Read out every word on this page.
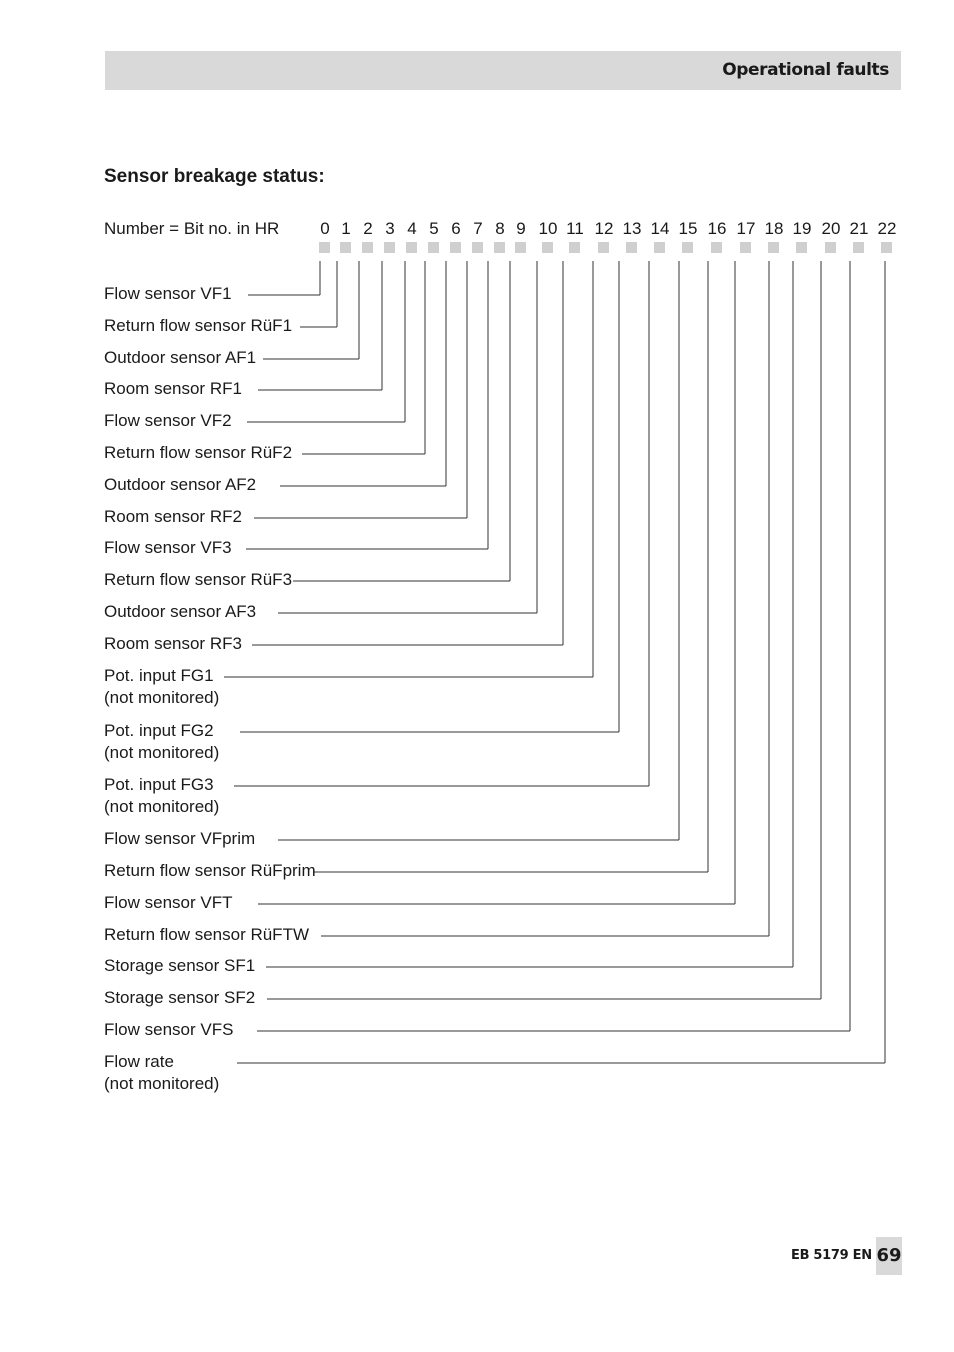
Operational faults
Sensor breakage status:
Number = Bit no. in HR 0 1 2 3 4 5 6 7 8 9 10 11 12 13 14 15 16 17 18 19 20 21 22
Flow sensor VF1
Return flow sensor RüF1
Outdoor sensor AF1
Room sensor RF1
Flow sensor VF2
Return flow sensor RüF2
Outdoor sensor AF2
Room sensor RF2
Flow sensor VF3
Return flow sensor RüF3
Outdoor sensor AF3
Room sensor RF3
Pot. input FG1
(not monitored)
Pot. input FG2
(not monitored)
Pot. input FG3
(not monitored)
Flow sensor VFprim
Return flow sensor RüFprim
Flow sensor VFT
Return flow sensor RüFTW
Storage sensor SF1
Storage sensor SF2
Flow sensor VFS
Flow rate
(not monitored)
EB 5179 EN 69
